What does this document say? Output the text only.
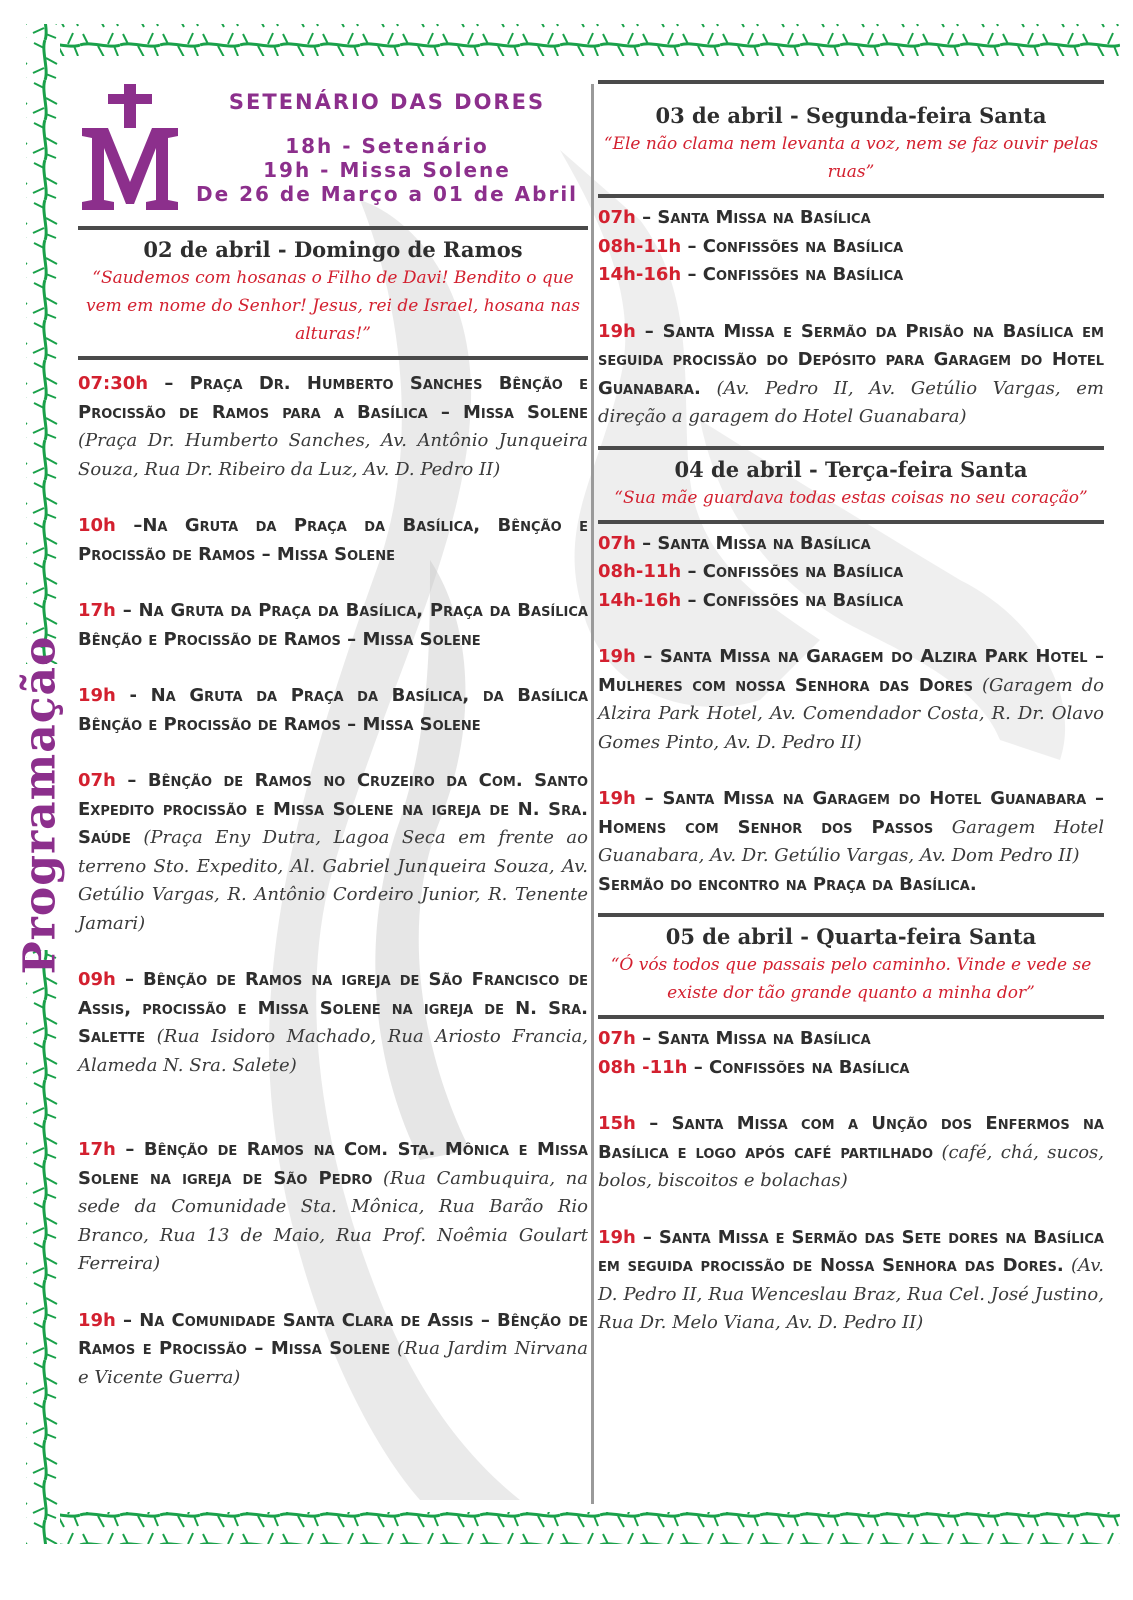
Programação
SETENÁRIO DAS DORES
18h - Setenário
19h - Missa Solene
De 26 de Março a 01 de Abril
02 de abril - Domingo de Ramos
“Saudemos com hosanas o Filho de Davi! Bendito o que vem em nome do Senhor! Jesus, rei de Israel, hosana nas alturas!”

07:30h – Praça Dr. Humberto Sanches Bênção e Procissão de Ramos para a Basílica – Missa Solene (Praça Dr. Humberto Sanches, Av. Antônio Junqueira Souza, Rua Dr. Ribeiro da Luz, Av. D. Pedro II)

10h –Na Gruta da Praça da Basílica, Bênção e Procissão de Ramos – Missa Solene

17h – Na Gruta da Praça da Basílica, Praça da Basílica Bênção e Procissão de Ramos – Missa Solene

19h - Na Gruta da Praça da Basílica, da Basílica Bênção e Procissão de Ramos – Missa Solene

07h – Bênção de Ramos no Cruzeiro da Com. Santo Expedito procissão e Missa Solene na igreja de N. Sra. Saúde (Praça Eny Dutra, Lagoa Seca em frente ao terreno Sto. Expedito, Al. Gabriel Junqueira Souza, Av. Getúlio Vargas, R. Antônio Cordeiro Junior, R. Tenente Jamari)

09h – Bênção de Ramos na igreja de São Francisco de Assis, procissão e Missa Solene na igreja de N. Sra. Salette (Rua Isidoro Machado, Rua Ariosto Francia, Alameda N. Sra. Salete)

17h – Bênção de Ramos na Com. Sta. Mônica e Missa Solene na igreja de São Pedro (Rua Cambuquira, na sede da Comunidade Sta. Mônica, Rua Barão Rio Branco, Rua 13 de Maio, Rua Prof. Noêmia Goulart Ferreira)

19h – Na Comunidade Santa Clara de Assis – Bênção de Ramos e Procissão – Missa Solene (Rua Jardim Nirvana e Vicente Guerra)

03 de abril - Segunda-feira Santa
“Ele não clama nem levanta a voz, nem se faz ouvir pelas ruas”

07h – Santa Missa na Basílica

08h-11h – Confissões na Basílica

14h-16h – Confissões na Basílica

19h – Santa Missa e Sermão da Prisão na Basílica em seguida procissão do Depósito para Garagem do Hotel Guanabara. (Av. Pedro II, Av. Getúlio Vargas, em direção a garagem do Hotel Guanabara)

04 de abril - Terça-feira Santa
“Sua mãe guardava todas estas coisas no seu coração”

07h – Santa Missa na Basílica

08h-11h – Confissões na Basílica

14h-16h – Confissões na Basílica

19h – Santa Missa na Garagem do Alzira Park Hotel – Mulheres com nossa Senhora das Dores (Garagem do Alzira Park Hotel, Av. Comendador Costa, R. Dr. Olavo Gomes Pinto, Av. D. Pedro II)

19h – Santa Missa na Garagem do Hotel Guanabara – Homens com Senhor dos Passos Garagem Hotel Guanabara, Av. Dr. Getúlio Vargas, Av. Dom Pedro II)

Sermão do encontro na Praça da Basílica.

05 de abril - Quarta-feira Santa
“Ó vós todos que passais pelo caminho. Vinde e vede se existe dor tão grande quanto a minha dor”

07h – Santa Missa na Basílica

08h -11h – Confissões na Basílica

15h – Santa Missa com a Unção dos Enfermos na Basílica e logo após café partilhado (café, chá, sucos, bolos, biscoitos e bolachas)

19h – Santa Missa e Sermão das Sete dores na Basílica em seguida procissão de Nossa Senhora das Dores. (Av. D. Pedro II, Rua Wenceslau Braz, Rua Cel. José Justino, Rua Dr. Melo Viana, Av. D. Pedro II)
